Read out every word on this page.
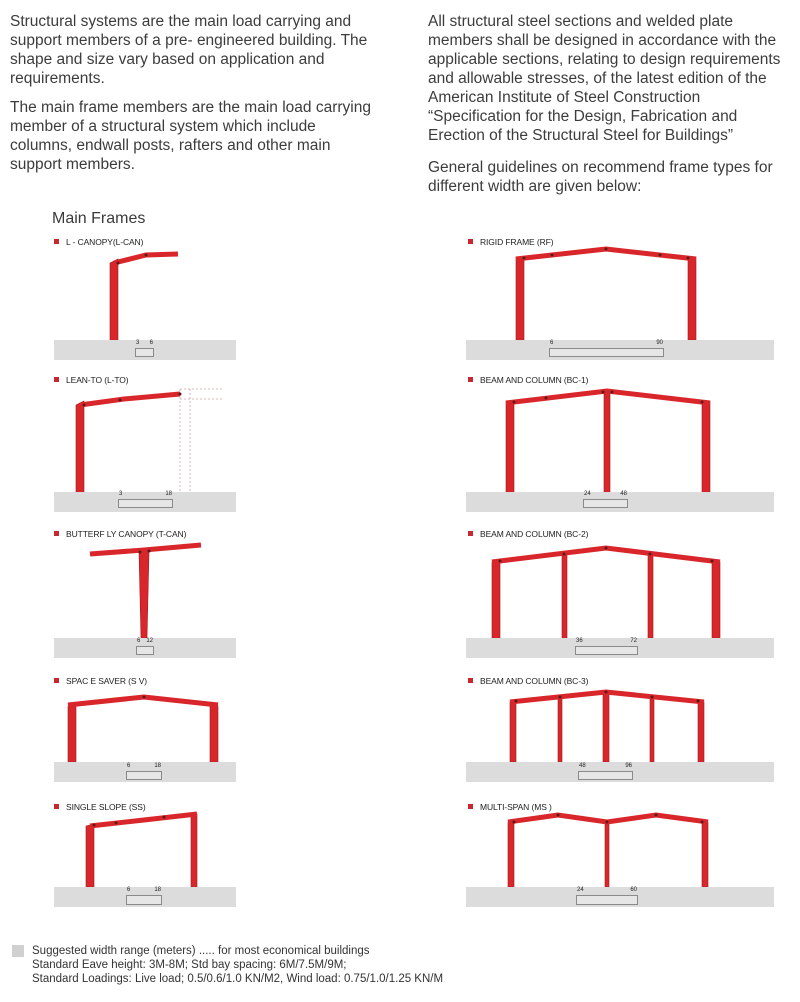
Structural systems are the main load carrying and support members of a pre- engineered building. The shape and size vary based on application and requirements.

The main frame members are the main load carrying member of a structural system which include columns, endwall posts, rafters and other main support members.

All structural steel sections and welded plate members shall be designed in accordance with the applicable sections, relating to design requirements and allowable stresses, of the latest edition of the American Institute of Steel Construction “Specification for the Design, Fabrication and Erection of the Structural Steel for Buildings”

General guidelines on recommend frame types for different width are given below:

Main Frames
L - CANOPY(L-CAN)
3 6
LEAN-TO (L-TO)
3	18
BUTTERF LY CANOPY (T-CAN)
6 12
SPAC E SAVER (S V)
6	18
SINGLE SLOPE (SS)
6	18
RIGID FRAME (RF)
6	90
BEAM AND COLUMN (BC-1)
24	48
BEAM AND COLUMN (BC-2)
36	72
BEAM AND COLUMN (BC-3)
48	96
MULTI-SPAN (MS )
24	60
Suggested width range (meters) ..... for most economical buildings
Standard Eave height: 3M-8M; Std bay spacing: 6M/7.5M/9M;
Standard Loadings: Live load; 0.5/0.6/1.0 KN/M2, Wind load: 0.75/1.0/1.25 KN/M
